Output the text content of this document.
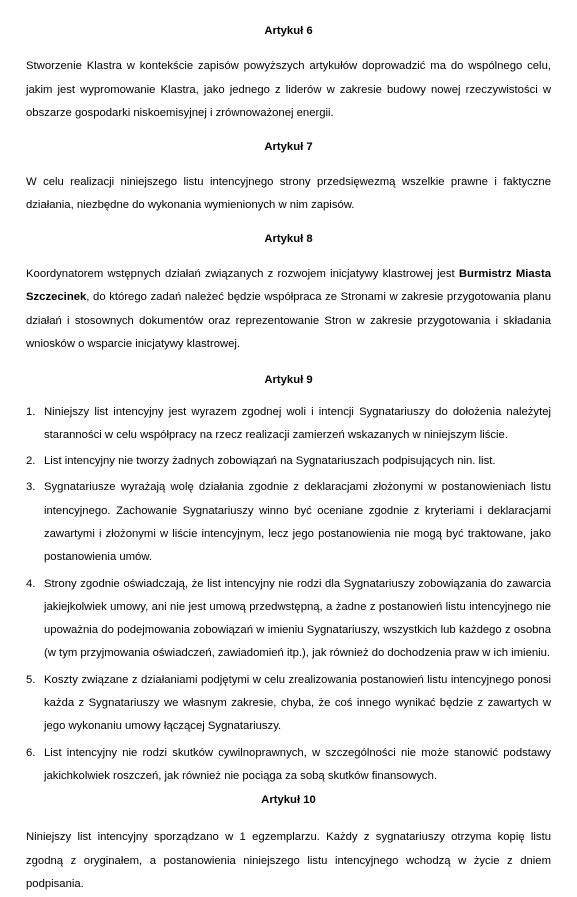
Artykuł 6

Stworzenie Klastra w kontekście zapisów powyższych artykułów doprowadzić ma do wspólnego celu, jakim jest wypromowanie Klastra, jako jednego z liderów w zakresie budowy nowej rzeczywistości w obszarze gospodarki niskoemisyjnej i zrównoważonej energii.

Artykuł 7

W celu realizacji niniejszego listu intencyjnego strony przedsięwezmą wszelkie prawne i faktyczne działania, niezbędne do wykonania wymienionych w nim zapisów.

Artykuł 8

Koordynatorem wstępnych działań związanych z rozwojem inicjatywy klastrowej jest Burmistrz Miasta Szczecinek, do którego zadań należeć będzie współpraca ze Stronami w zakresie przygotowania planu działań i stosownych dokumentów oraz reprezentowanie Stron w zakresie przygotowania i składania wniosków o wsparcie inicjatywy klastrowej.

Artykuł 9
1. Niniejszy list intencyjny jest wyrazem zgodnej woli i intencji Sygnatariuszy do dołożenia należytej staranności w celu współpracy na rzecz realizacji zamierzeń wskazanych w niniejszym liście.
2. List intencyjny nie tworzy żadnych zobowiązań na Sygnatariuszach podpisujących nin. list.
3. Sygnatariusze wyrażają wolę działania zgodnie z deklaracjami złożonymi w postanowieniach listu intencyjnego. Zachowanie Sygnatariuszy winno być oceniane zgodnie z kryteriami i deklaracjami zawartymi i złożonymi w liście intencyjnym, lecz jego postanowienia nie mogą być traktowane, jako postanowienia umów.
4. Strony zgodnie oświadczają, że list intencyjny nie rodzi dla Sygnatariuszy zobowiązania do zawarcia jakiejkolwiek umowy, ani nie jest umową przedwstępną, a żadne z postanowień listu intencyjnego nie upoważnia do podejmowania zobowiązań w imieniu Sygnatariuszy, wszystkich lub każdego z osobna (w tym przyjmowania oświadczeń, zawiadomień itp.), jak również do dochodzenia praw w ich imieniu.
5. Koszty związane z działaniami podjętymi w celu zrealizowania postanowień listu intencyjnego ponosi każda z Sygnatariuszy we własnym zakresie, chyba, że coś innego wynikać będzie z zawartych w jego wykonaniu umowy łączącej Sygnatariuszy.
6. List intencyjny nie rodzi skutków cywilnoprawnych, w szczególności nie może stanowić podstawy jakichkolwiek roszczeń, jak również nie pociąga za sobą skutków finansowych.
Artykuł 10

Niniejszy list intencyjny sporządzano w 1 egzemplarzu. Każdy z sygnatariuszy otrzyma kopię listu zgodną z oryginałem, a postanowienia niniejszego listu intencyjnego wchodzą w życie z dniem podpisania.
